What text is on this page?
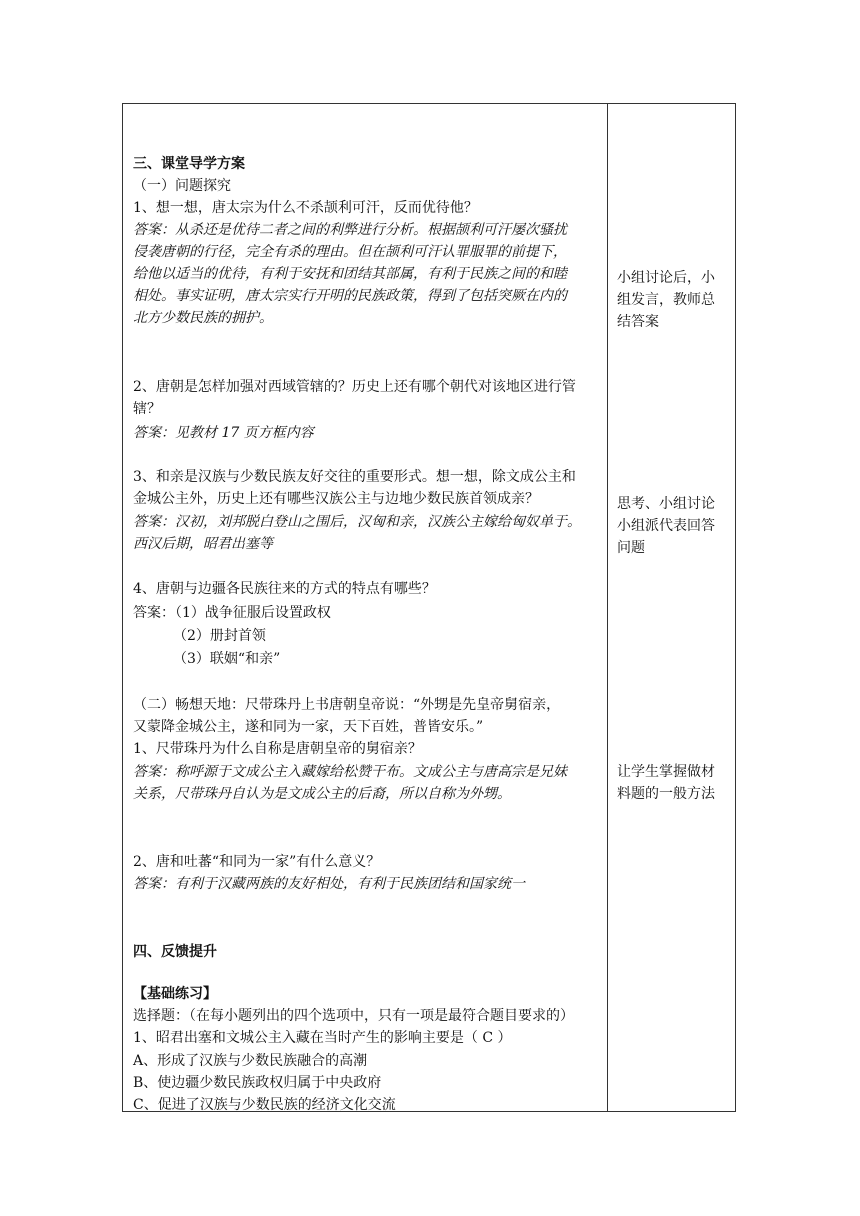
三、课堂导学方案
（一）问题探究
1、想一想，唐太宗为什么不杀颉利可汗，反而优待他？
答案：从杀还是优待二者之间的利弊进行分析。根据颉利可汗屡次骚扰
侵袭唐朝的行径，完全有杀的理由。但在颉利可汗认罪服罪的前提下，
给他以适当的优待，有利于安抚和团结其部属，有利于民族之间的和睦
相处。事实证明，唐太宗实行开明的民族政策，得到了包括突厥在内的
北方少数民族的拥护。
2、唐朝是怎样加强对西域管辖的？历史上还有哪个朝代对该地区进行管
辖？
答案：见教材 17 页方框内容
3、和亲是汉族与少数民族友好交往的重要形式。想一想，除文成公主和
金城公主外，历史上还有哪些汉族公主与边地少数民族首领成亲？
答案：汉初，刘邦脱白登山之围后，汉匈和亲，汉族公主嫁给匈奴单于。
西汉后期，昭君出塞等
4、唐朝与边疆各民族往来的方式的特点有哪些？
答案：（1）战争征服后设置政权
（2）册封首领
（3）联姻“和亲”
（二）畅想天地：尺带珠丹上书唐朝皇帝说：“外甥是先皇帝舅宿亲，
又蒙降金城公主，遂和同为一家，天下百姓，普皆安乐。”
1、尺带珠丹为什么自称是唐朝皇帝的舅宿亲？
答案：称呼源于文成公主入藏嫁给松赞干布。文成公主与唐高宗是兄妹
关系，尺带珠丹自认为是文成公主的后裔，所以自称为外甥。
2、唐和吐蕃“和同为一家”有什么意义？
答案：有利于汉藏两族的友好相处，有利于民族团结和国家统一
四、反馈提升
【基础练习】
选择题：（在每小题列出的四个选项中，只有一项是最符合题目要求的）
1、昭君出塞和文城公主入藏在当时产生的影响主要是（ C ）
A、形成了汉族与少数民族融合的高潮
B、使边疆少数民族政权归属于中央政府
C、促进了汉族与少数民族的经济文化交流
小组讨论后，小
组发言，教师总
结答案
思考、小组讨论
小组派代表回答
问题
让学生掌握做材
料题的一般方法
